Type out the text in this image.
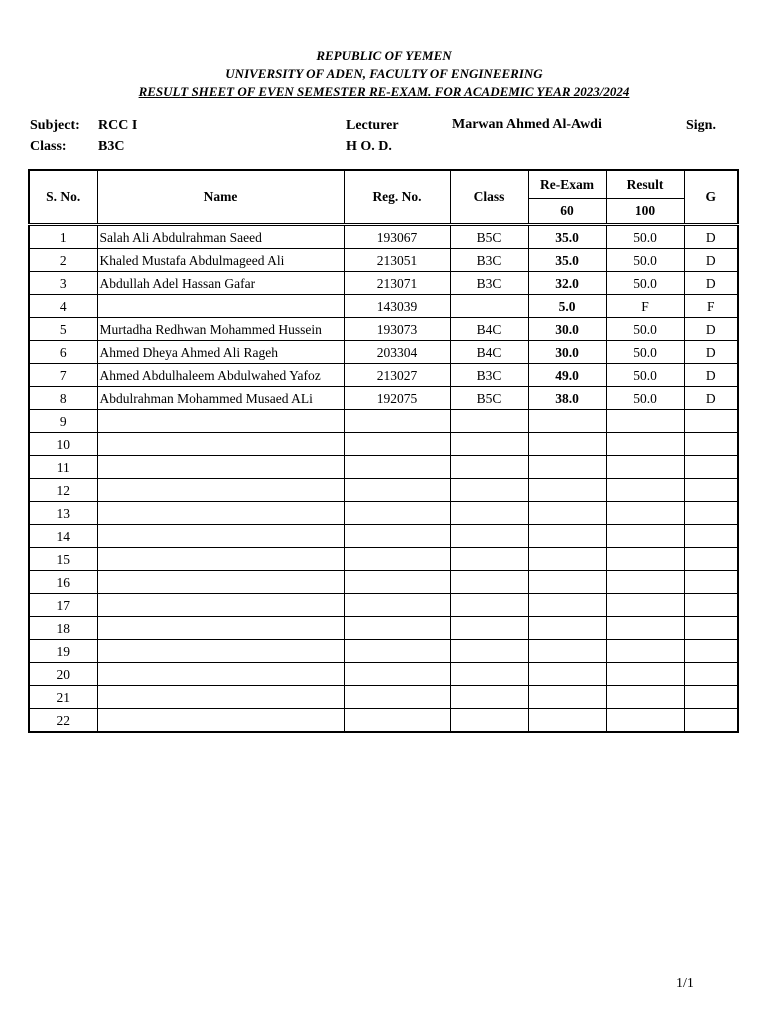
REPUBLIC OF YEMEN
UNIVERSITY OF ADEN, FACULTY OF ENGINEERING
RESULT SHEET OF EVEN SEMESTER RE-EXAM. FOR ACADEMIC YEAR 2023/2024
Subject: RCC I
Class: B3C
Lecturer	Marwan Ahmed Al-Awdi
H O. D.
Sign.
S. No.	Name	Reg. No.	Class	Re-Exam	Result	G
				60	100	
1	Salah Ali Abdulrahman Saeed	193067	B5C	35.0	50.0	D
2	Khaled Mustafa Abdulmageed Ali	213051	B3C	35.0	50.0	D
3	Abdullah Adel Hassan Gafar	213071	B3C	32.0	50.0	D
4		143039		5.0	F	F
5	Murtadha Redhwan Mohammed Hussein	193073	B4C	30.0	50.0	D
6	Ahmed Dheya Ahmed Ali Rageh	203304	B4C	30.0	50.0	D
7	Ahmed Abdulhaleem Abdulwahed Yafoz	213027	B3C	49.0	50.0	D
8	Abdulrahman Mohammed Musaed ALi	192075	B5C	38.0	50.0	D
9						
10						
11						
12						
13						
14						
15						
16						
17						
18						
19						
20						
21						
22						
1/1
